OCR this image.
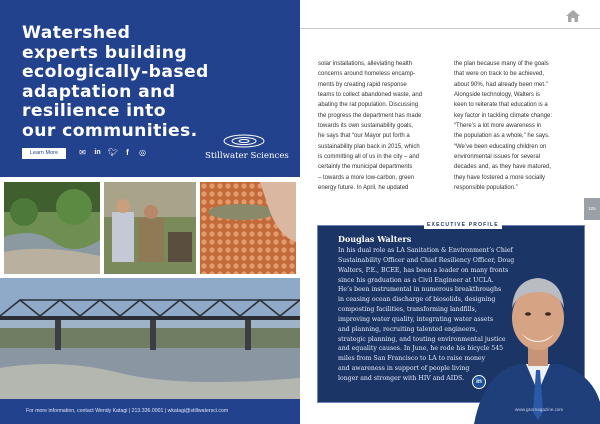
Watershed
experts building
ecologically-based
adaptation and
resilience into
our communities.
Learn More	✉ in 🐦︎	f	◎	Stillwater Sciences
For more information, contact Wendy Katagi | 213.336.0001 | wkatagi@stillwatersci.com
solar installations, alleviating health
concerns around homeless encamp-
ments by creating rapid response
teams to collect abandoned waste, and
abating the rat population. Discussing
the progress the department has made
towards its own sustainability goals,
he says that “our Mayor put forth a
sustainability plan back in 2015, which
is committing all of us in the city – and
certainly the municipal departments
– towards a more low-carbon, green
energy future. In April, he updated
the plan because many of the goals
that were on track to be achieved,
about 90%, had already been met.”
Alongside technology, Walters is
keen to reiterate that education is a
key factor in tackling climate change:
“There’s a lot more awareness in
the population as a whole,” he says.
“We’ve been educating children on
environmental issues for several
decades and, as they have matured,
they have fostered a more socially
responsible population.”
105
Douglas Walters
In his dual role as LA Sanitation & Environment’s Chief
Sustainability Officer and Chief Resiliency Officer, Doug
Walters, P.E., BCEE, has been a leader on many fronts
since his graduation as a Civil Engineer at UCLA.
He’s been instrumental in numerous breakthroughs
in ceasing ocean discharge of biosolids, designing
composting facilities, transforming landfills,
improving water quality, integrating water assets
and planning, recruiting talented engineers,
strategic planning, and touting environmental justice
and equality causes. In June, he rode his bicycle 545
miles from San Francisco to LA to raise money
and awareness in support of people living
longer and stronger with HIV and AIDS.
EXECUTIVE PROFILE
in
www.gsomagazine.com
